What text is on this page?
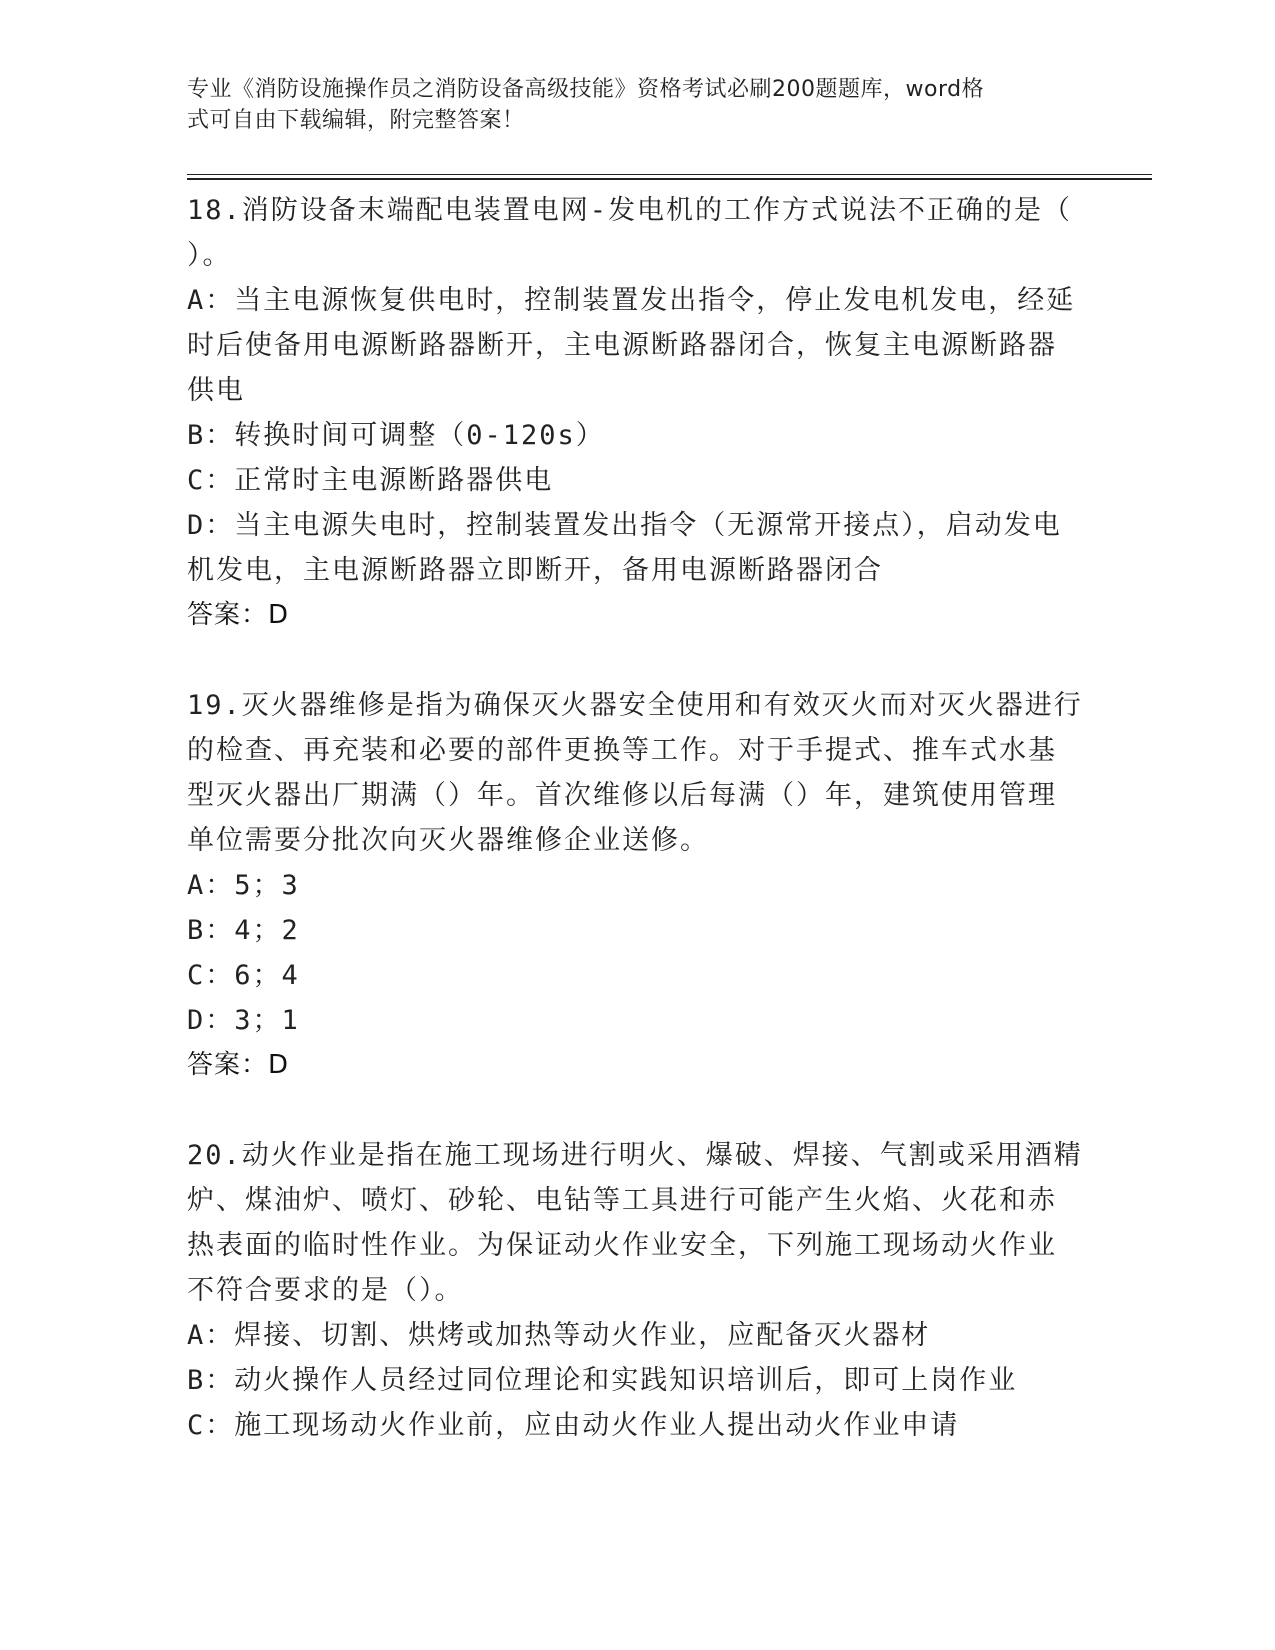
专业《消防设施操作员之消防设备高级技能》资格考试必刷200题题库，word格
式可自由下载编辑，附完整答案！
18.消防设备末端配电装置电网-发电机的工作方式说法不正确的是（
）。
A：当主电源恢复供电时，控制装置发出指令，停止发电机发电，经延
时后使备用电源断路器断开，主电源断路器闭合，恢复主电源断路器
供电
B：转换时间可调整（0-120s）
C：正常时主电源断路器供电
D：当主电源失电时，控制装置发出指令（无源常开接点），启动发电
机发电，主电源断路器立即断开，备用电源断路器闭合
答案：D
19.灭火器维修是指为确保灭火器安全使用和有效灭火而对灭火器进行
的检查、再充装和必要的部件更换等工作。对于手提式、推车式水基
型灭火器出厂期满（）年。首次维修以后每满（）年，建筑使用管理
单位需要分批次向灭火器维修企业送修。
A：5；3
B：4；2
C：6；4
D：3；1
答案：D
20.动火作业是指在施工现场进行明火、爆破、焊接、气割或采用酒精
炉、煤油炉、喷灯、砂轮、电钻等工具进行可能产生火焰、火花和赤
热表面的临时性作业。为保证动火作业安全，下列施工现场动火作业
不符合要求的是（）。
A：焊接、切割、烘烤或加热等动火作业，应配备灭火器材
B：动火操作人员经过同位理论和实践知识培训后，即可上岗作业
C：施工现场动火作业前，应由动火作业人提出动火作业申请
